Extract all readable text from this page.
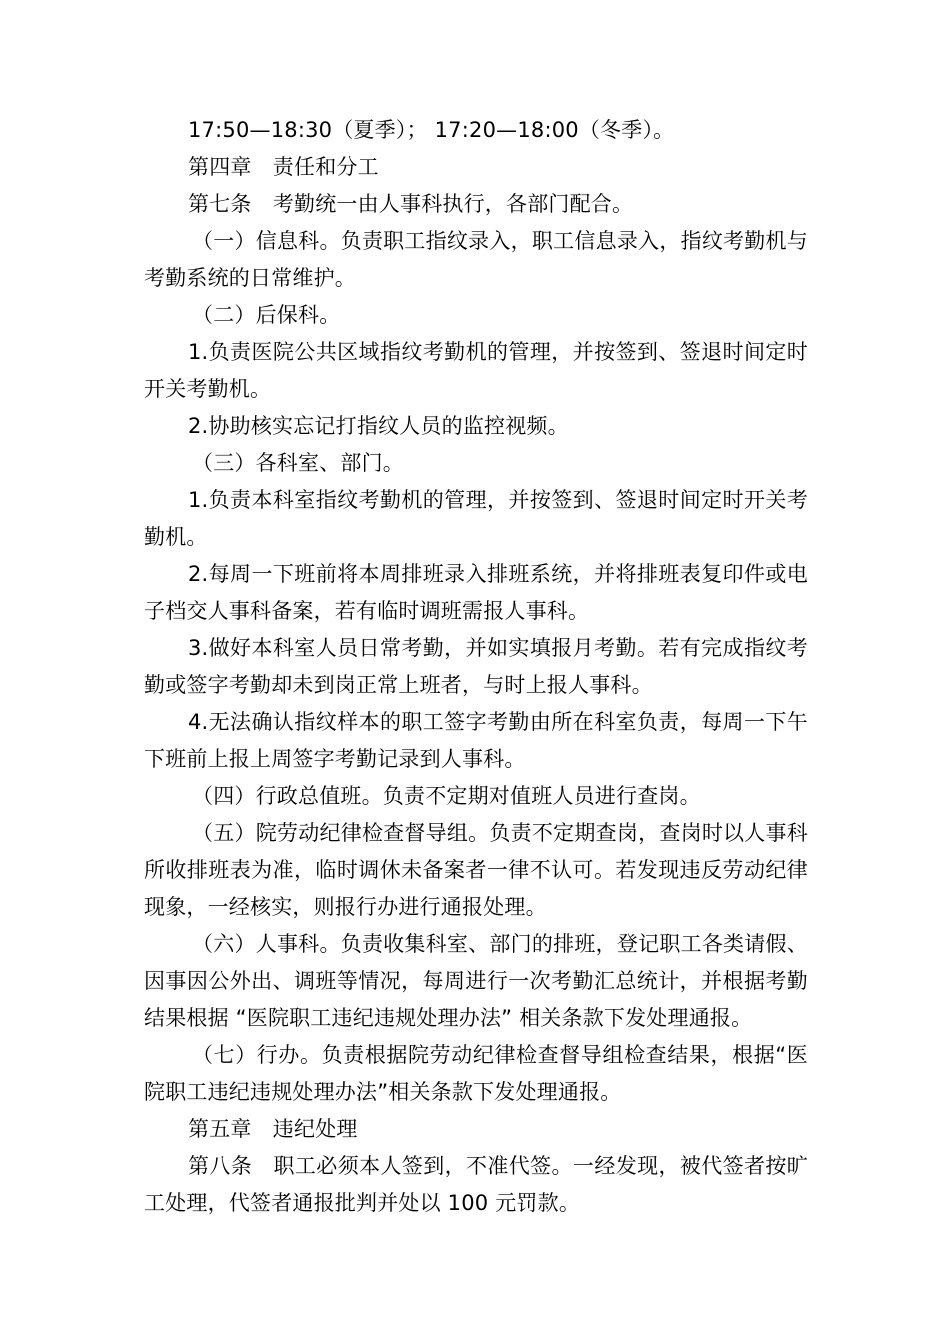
17:50—18:30（夏季）； 17:20—18:00（冬季）。

第四章　责任和分工

第七条　考勤统一由人事科执行，各部门配合。

（一）信息科。负责职工指纹录入，职工信息录入，指纹考勤机与考勤系统的日常维护。

（二）后保科。

1.负责医院公共区域指纹考勤机的管理，并按签到、签退时间定时开关考勤机。

2.协助核实忘记打指纹人员的监控视频。

（三）各科室、部门。

1.负责本科室指纹考勤机的管理，并按签到、签退时间定时开关考勤机。

2.每周一下班前将本周排班录入排班系统，并将排班表复印件或电子档交人事科备案，若有临时调班需报人事科。

3.做好本科室人员日常考勤，并如实填报月考勤。若有完成指纹考勤或签字考勤却未到岗正常上班者，与时上报人事科。

4.无法确认指纹样本的职工签字考勤由所在科室负责，每周一下午下班前上报上周签字考勤记录到人事科。

（四）行政总值班。负责不定期对值班人员进行查岗。

（五）院劳动纪律检查督导组。负责不定期查岗，查岗时以人事科所收排班表为准，临时调休未备案者一律不认可。若发现违反劳动纪律现象，一经核实，则报行办进行通报处理。

（六）人事科。负责收集科室、部门的排班，登记职工各类请假、因事因公外出、调班等情况，每周进行一次考勤汇总统计，并根据考勤结果根据 “医院职工违纪违规处理办法” 相关条款下发处理通报。

（七）行办。负责根据院劳动纪律检查督导组检查结果，根据“医院职工违纪违规处理办法”相关条款下发处理通报。

第五章　违纪处理

第八条　职工必须本人签到，不准代签。一经发现，被代签者按旷工处理，代签者通报批判并处以 100 元罚款。
